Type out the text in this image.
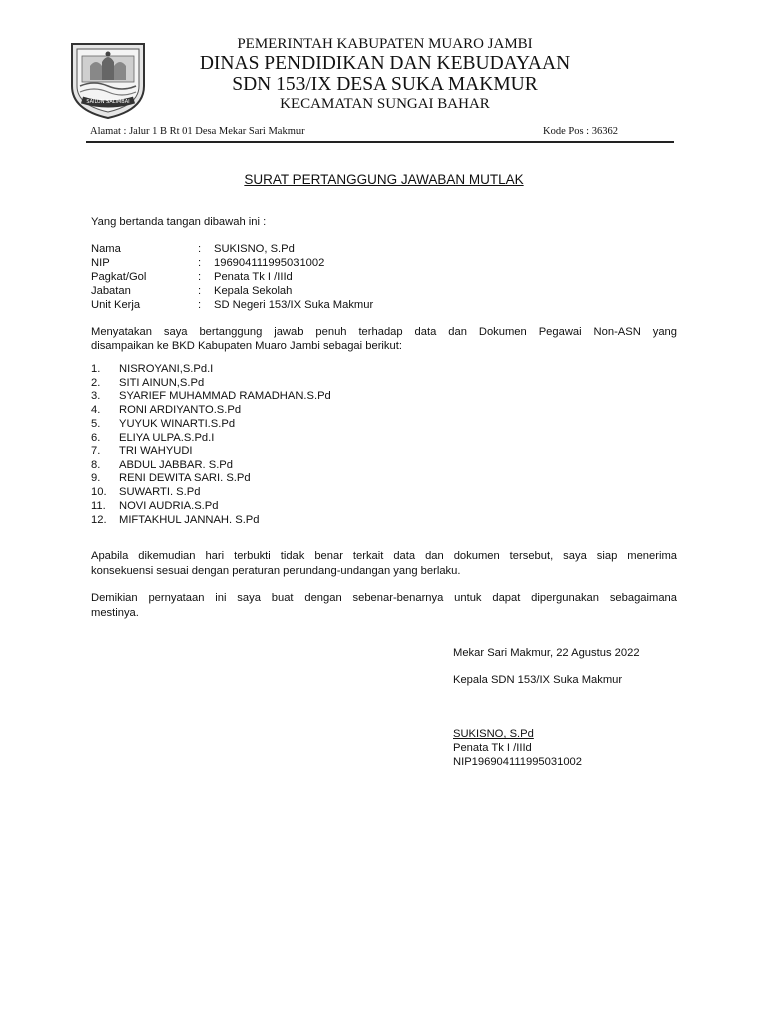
SAILUN SALIMBAI
PEMERINTAH KABUPATEN MUARO JAMBI
DINAS PENDIDIKAN DAN KEBUDAYAAN
SDN 153/IX DESA SUKA MAKMUR
KECAMATAN SUNGAI BAHAR
Alamat : Jalur 1 B Rt 01 Desa Mekar Sari Makmur	Kode Pos : 36362
SURAT PERTANGGUNG JAWABAN MUTLAK
Yang bertanda tangan dibawah ini :
Nama	: SUKISNO, S.Pd
NIP	: 196904111995031002
Pagkat/Gol	: Penata Tk I /IIId
Jabatan	: Kepala Sekolah
Unit Kerja	: SD Negeri 153/IX Suka Makmur
Menyatakan saya bertanggung jawab penuh terhadap data dan Dokumen Pegawai Non-ASN yang
disampaikan ke BKD Kabupaten Muaro Jambi sebagai berikut:
1. NISROYANI,S.Pd.I
2. SITI AINUN,S.Pd
3. SYARIEF MUHAMMAD RAMADHAN.S.Pd
4. RONI ARDIYANTO.S.Pd
5. YUYUK WINARTI.S.Pd
6. ELIYA ULPA.S.Pd.I
7. TRI WAHYUDI
8. ABDUL JABBAR. S.Pd
9. RENI DEWITA SARI. S.Pd
10. SUWARTI. S.Pd
11. NOVI AUDRIA.S.Pd
12. MIFTAKHUL JANNAH. S.Pd
Apabila dikemudian hari terbukti tidak benar terkait data dan dokumen tersebut, saya siap menerima
konsekuensi sesuai dengan peraturan perundang-undangan yang berlaku.
Demikian pernyataan ini saya buat dengan sebenar-benarnya untuk dapat dipergunakan sebagaimana
mestinya.
Mekar Sari Makmur, 22 Agustus 2022
Kepala SDN 153/IX Suka Makmur
SUKISNO, S.Pd
Penata Tk I /IIId
NIP196904111995031002
